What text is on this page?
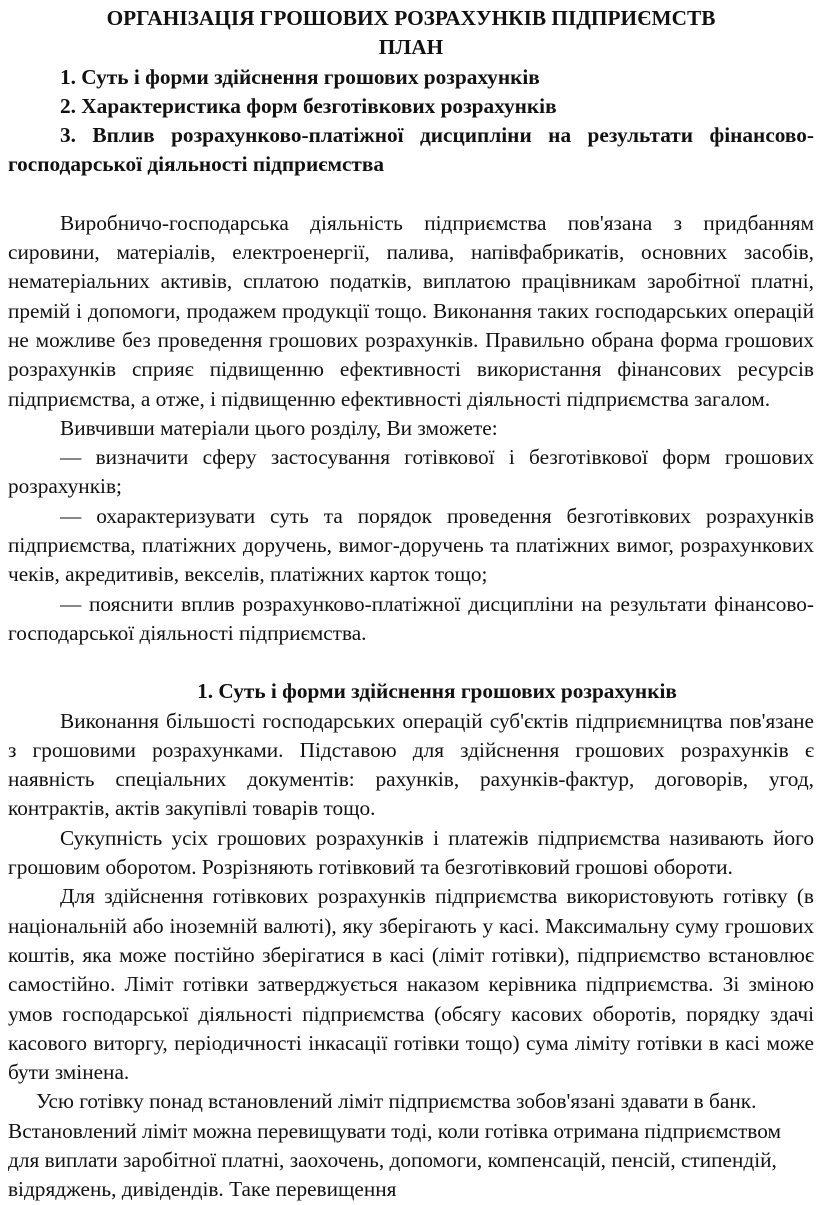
ОРГАНІЗАЦІЯ ГРОШОВИХ РОЗРАХУНКІВ ПІДПРИЄМСТВ

ПЛАН

1. Суть і форми здійснення грошових розрахунків

2. Характеристика форм безготівкових розрахунків

3. Вплив розрахунково-платіжної дисципліни на результати фінансово-господарської діяльності підприємства

Виробничо-господарська діяльність підприємства пов'язана з придбанням сировини, матеріалів, електроенергії, палива, напівфабрикатів, основних засобів, нематеріальних активів, сплатою податків, виплатою працівникам заробітної платні, премій і допомоги, продажем продукції тощо. Виконання таких господарських операцій не можливе без проведення грошових розрахунків. Правильно обрана форма грошових розрахунків сприяє підвищенню ефективності використання фінансових ресурсів підприємства, а отже, і підвищенню ефективності діяльності підприємства загалом.

Вивчивши матеріали цього розділу, Ви зможете:

— визначити сферу застосування готівкової і безготівкової форм грошових розрахунків;

— охарактеризувати суть та порядок проведення безготівкових розрахунків підприємства, платіжних доручень, вимог-доручень та платіжних вимог, розрахункових чеків, акредитивів, векселів, платіжних карток тощо;

— пояснити вплив розрахунково-платіжної дисципліни на результати фінансово-господарської діяльності підприємства.

1. Суть і форми здійснення грошових розрахунків

Виконання більшості господарських операцій суб'єктів підприємництва пов'язане з грошовими розрахунками. Підставою для здійснення грошових розрахунків є наявність спеціальних документів: рахунків, рахунків-фактур, договорів, угод, контрактів, актів закупівлі товарів тощо.

Сукупність усіх грошових розрахунків і платежів підприємства називають його грошовим оборотом. Розрізняють готівковий та безготівковий грошові обороти.

Для здійснення готівкових розрахунків підприємства використовують готівку (в національній або іноземній валюті), яку зберігають у касі. Максимальну суму грошових коштів, яка може постійно зберігатися в касі (ліміт готівки), підприємство встановлює самостійно. Ліміт готівки затверджується наказом керівника підприємства. Зі зміною умов господарської діяльності підприємства (обсягу касових оборотів, порядку здачі касового виторгу, періодичності інкасації готівки тощо) сума ліміту готівки в касі може бути змінена.

Усю готівку понад встановлений ліміт підприємства зобов'язані здавати в банк. Встановлений ліміт можна перевищувати тоді, коли готівка отримана підприємством для виплати заробітної платні, заохочень, допомоги, компенсацій, пенсій, стипендій, відряджень, дивідендів. Таке перевищення
